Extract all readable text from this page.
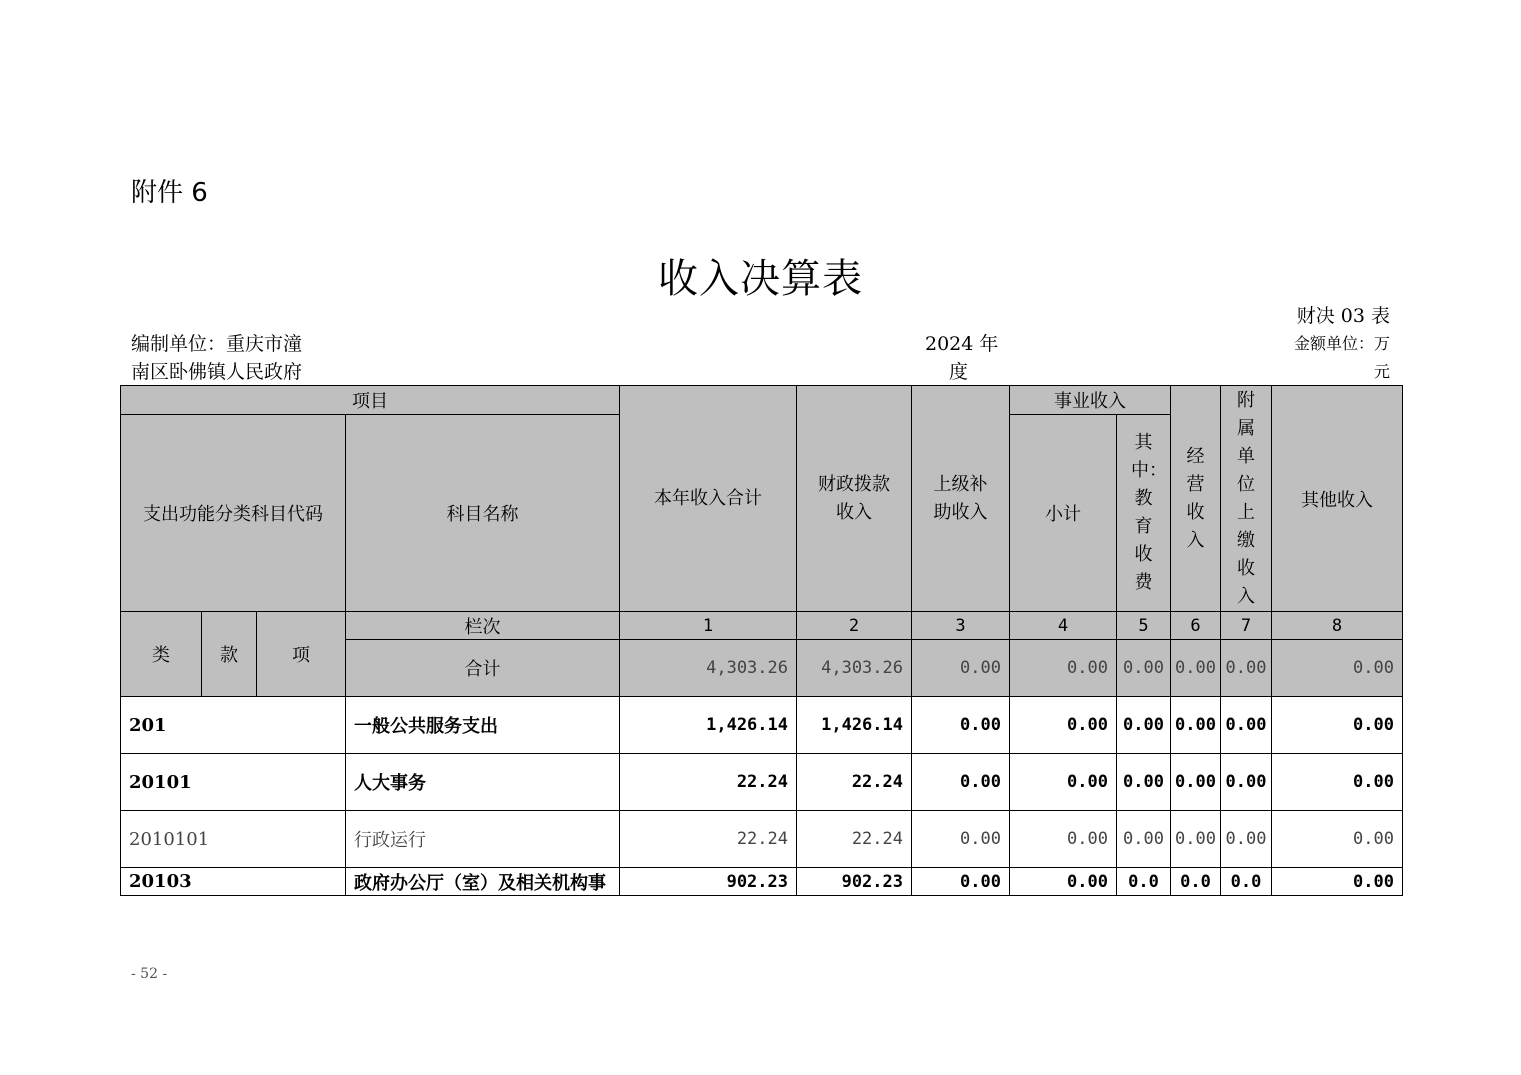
附件 6
收入决算表
财决 03 表
编制单位：重庆市潼
南区卧佛镇人民政府
2024 年
度
金额单位：万
元
项目				本年收入合计	财政拨款收入	上级补助收入	事业收入		经营收入	附属单位上缴收入	其他收入
支出功能分类科目代码			科目名称				小计	其中：教育收费			
类	款	项	栏次	1	2	3	4	5	6	7	8
			合计	4,303.26	4,303.26	0.00	0.00	0.00	0.00	0.00	0.00
201			一般公共服务支出	1,426.14	1,426.14	0.00	0.00	0.00	0.00	0.00	0.00
20101			人大事务	22.24	22.24	0.00	0.00	0.00	0.00	0.00	0.00
2010101			行政运行	22.24	22.24	0.00	0.00	0.00	0.00	0.00	0.00
20103			政府办公厅（室）及相关机构事	902.23	902.23	0.00	0.00	0.0	0.0	0.0	0.00
- 52 -
